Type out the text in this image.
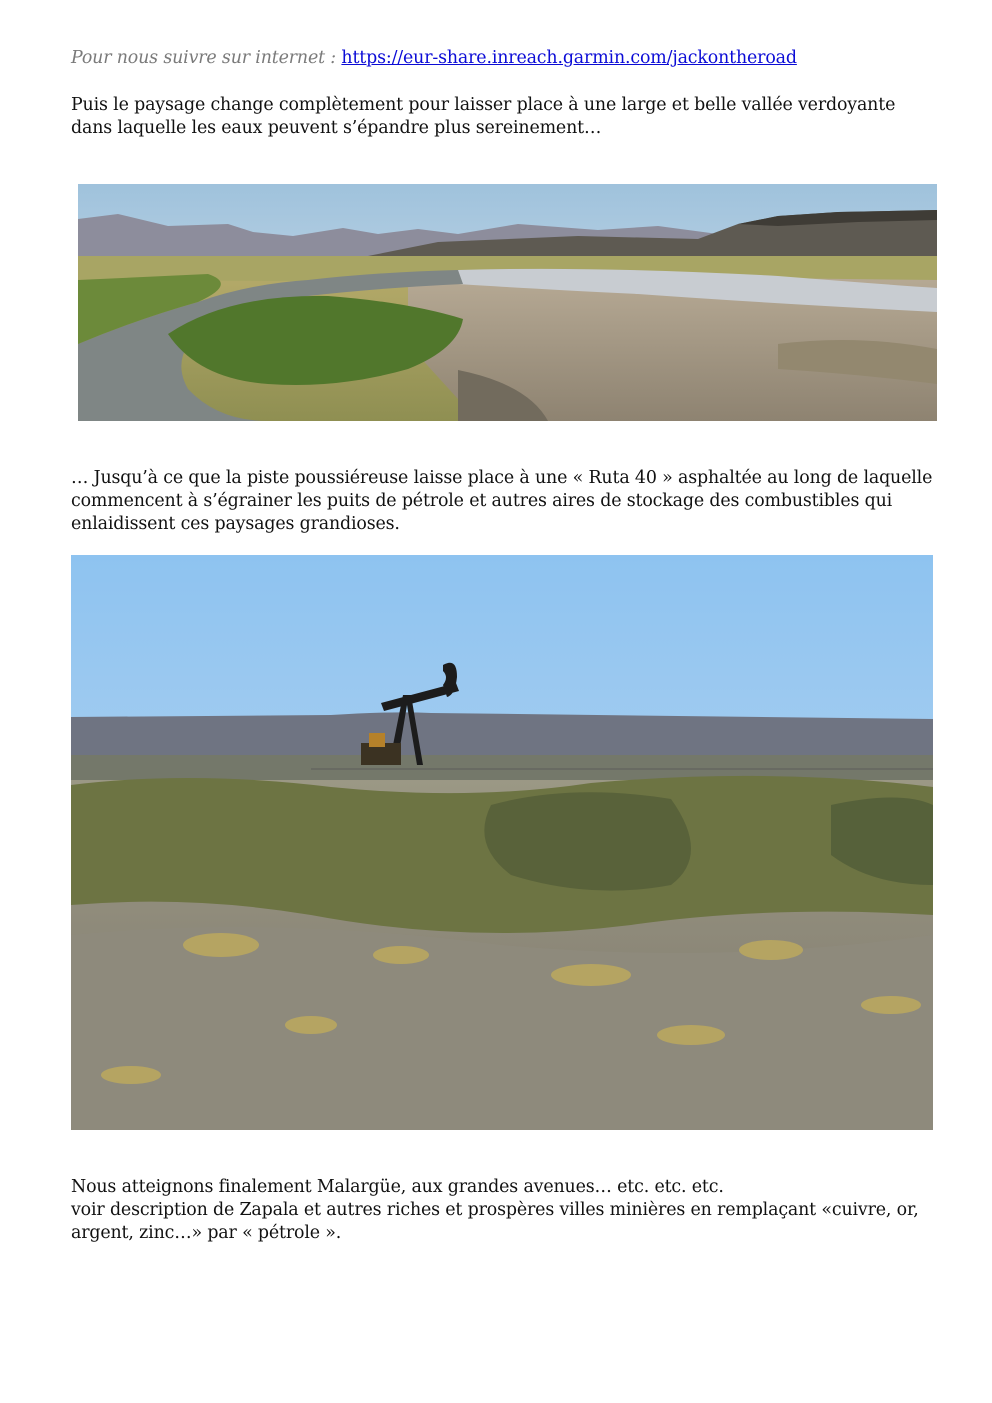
Pour nous suivre sur internet : https://eur-share.inreach.garmin.com/jackontheroad

Puis le paysage change complètement pour laisser place à une large et belle vallée verdoyante dans laquelle les eaux peuvent s’épandre plus sereinement…

… Jusqu’à ce que la piste poussiéreuse laisse place à une « Ruta 40 » asphaltée au long de laquelle commencent à s’égrainer les puits de pétrole et autres aires de stockage des combustibles qui enlaidissent ces paysages grandioses.

Nous atteignons finalement Malargüe, aux grandes avenues… etc. etc. etc.
voir description de Zapala et autres riches et prospères villes minières en remplaçant «cuivre, or, argent, zinc…» par « pétrole ».
